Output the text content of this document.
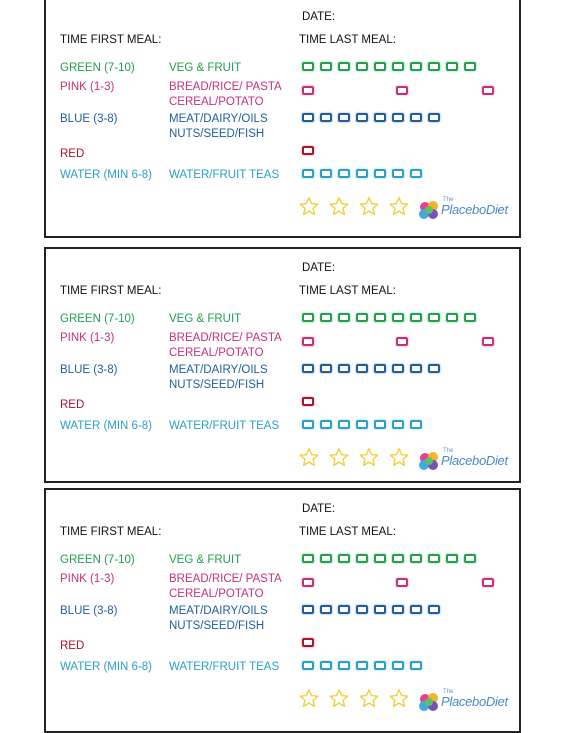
DATE:
TIME FIRST MEAL:	TIME LAST MEAL:
GREEN (7-10)	VEG & FRUIT
PINK (1-3)	BREAD/RICE/ PASTA
CEREAL/POTATO
BLUE (3-8)	MEAT/DAIRY/OILS
NUTS/SEED/FISH
RED
WATER (MIN 6-8) WATER/FRUIT TEAS
The
PlaceboDiet
DATE:
TIME FIRST MEAL:	TIME LAST MEAL:
GREEN (7-10)	VEG & FRUIT
PINK (1-3)	BREAD/RICE/ PASTA
CEREAL/POTATO
BLUE (3-8)	MEAT/DAIRY/OILS
NUTS/SEED/FISH
RED
WATER (MIN 6-8) WATER/FRUIT TEAS
The
PlaceboDiet
DATE:
TIME FIRST MEAL:	TIME LAST MEAL:
GREEN (7-10)	VEG & FRUIT
PINK (1-3)	BREAD/RICE/ PASTA
CEREAL/POTATO
BLUE (3-8)	MEAT/DAIRY/OILS
NUTS/SEED/FISH
RED
WATER (MIN 6-8) WATER/FRUIT TEAS
The
PlaceboDiet
